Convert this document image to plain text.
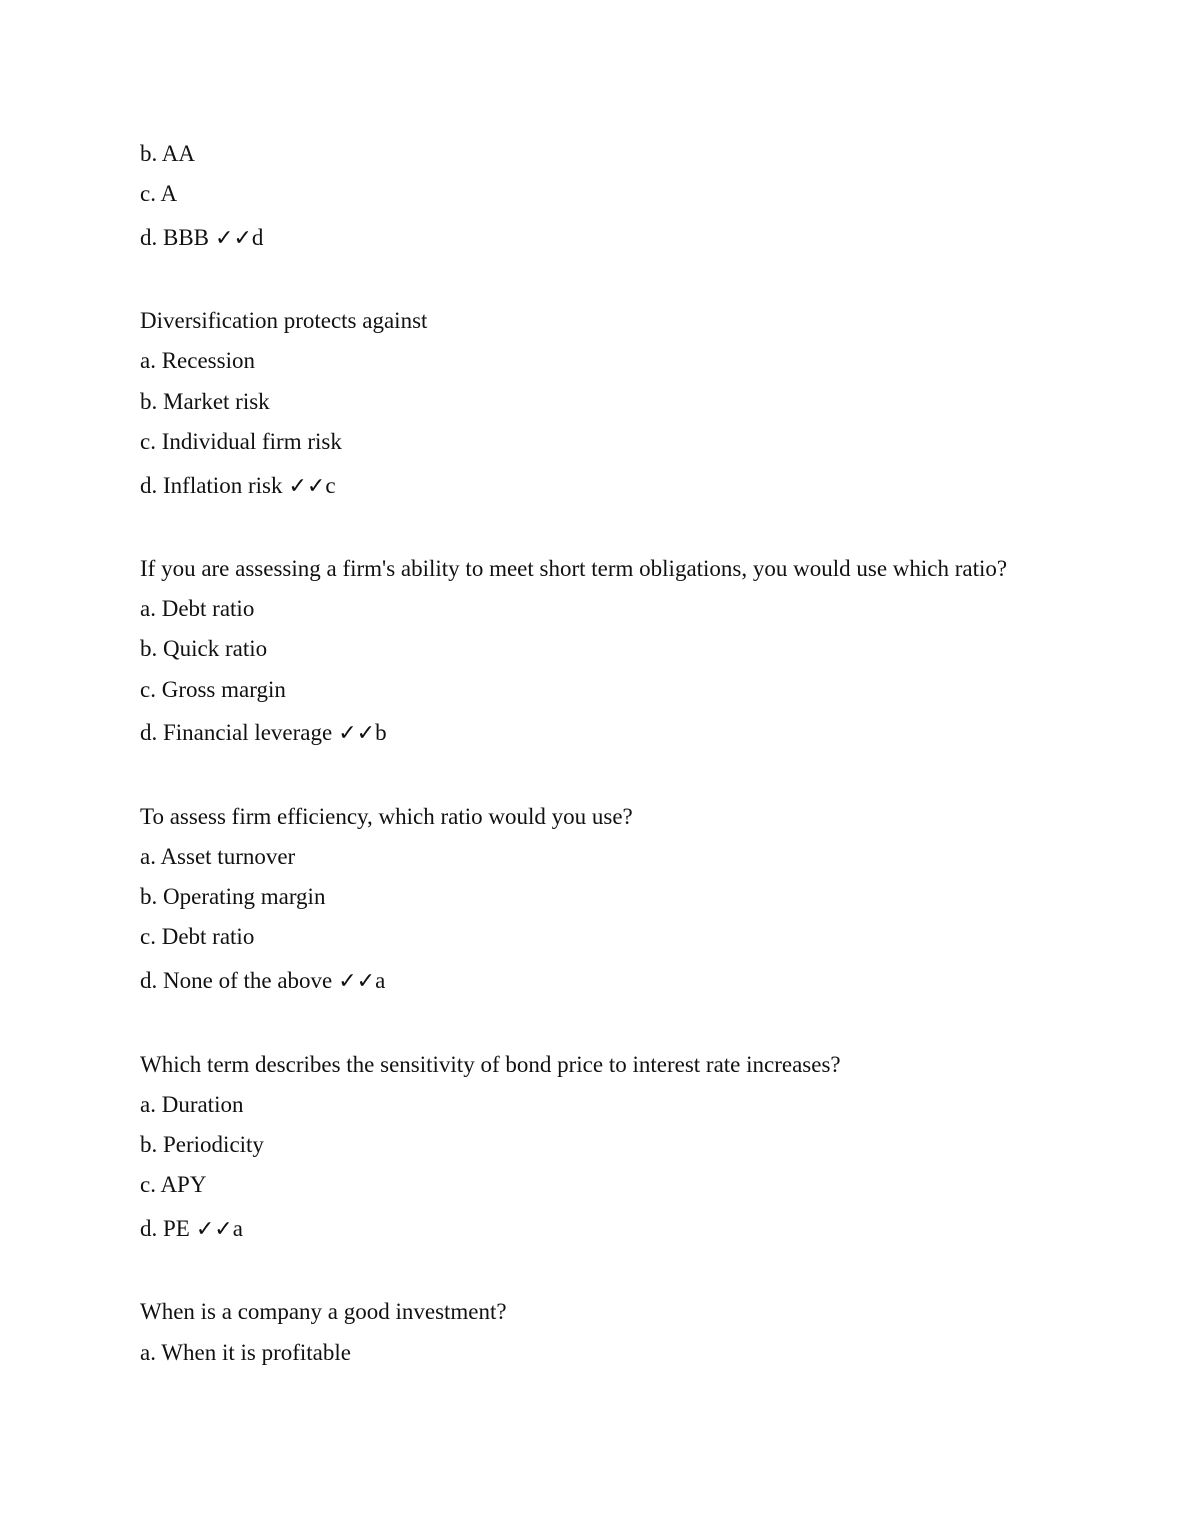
b. AA
c. A
d. BBB ✓✓d
Diversification protects against
a. Recession
b. Market risk
c. Individual firm risk
d. Inflation risk ✓✓c
If you are assessing a firm's ability to meet short term obligations, you would use which ratio?
a. Debt ratio
b. Quick ratio
c. Gross margin
d. Financial leverage ✓✓b
To assess firm efficiency, which ratio would you use?
a. Asset turnover
b. Operating margin
c. Debt ratio
d. None of the above ✓✓a
Which term describes the sensitivity of bond price to interest rate increases?
a. Duration
b. Periodicity
c. APY
d. PE ✓✓a
When is a company a good investment?
a. When it is profitable
